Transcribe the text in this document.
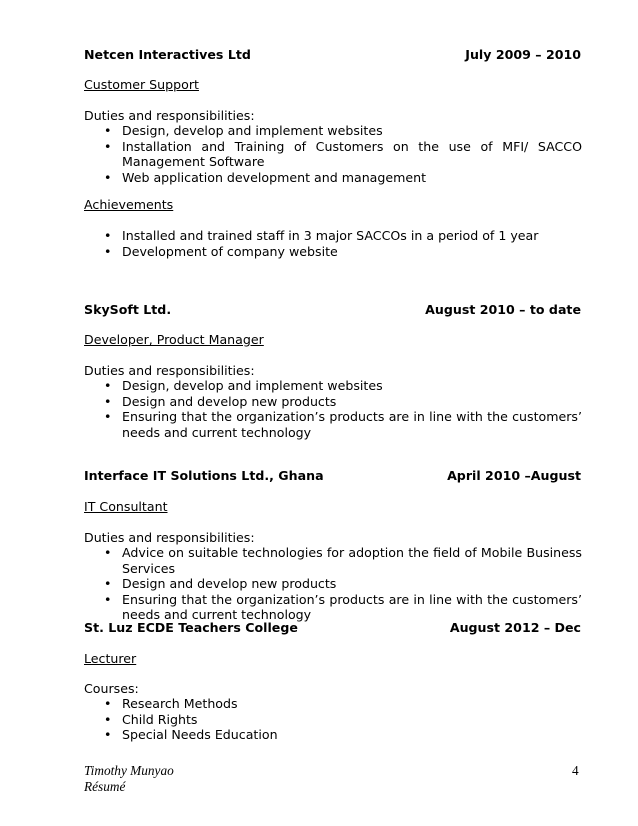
Netcen Interactives Ltd	July 2009 – 2010
Customer Support
Duties and responsibilities:
• Design, develop and implement websites
• Installation and Training of Customers on the use of MFI/ SACCO Management Software
• Web application development and management
Achievements
• Installed and trained staff in 3 major SACCOs in a period of 1 year
• Development of company website
SkySoft Ltd.	August 2010 – to date
Developer, Product Manager
Duties and responsibilities:
• Design, develop and implement websites
• Design and develop new products
• Ensuring that the organization’s products are in line with the customers’ needs and current technology
Interface IT Solutions Ltd., Ghana	April 2010 –August
IT Consultant
Duties and responsibilities:
• Advice on suitable technologies for adoption the field of Mobile Business Services
• Design and develop new products
• Ensuring that the organization’s products are in line with the customers’ needs and current technology
St. Luz ECDE Teachers College	August 2012 – Dec
Lecturer
Courses:
• Research Methods
• Child Rights
• Special Needs Education
Timothy Munyao
Résumé
4
